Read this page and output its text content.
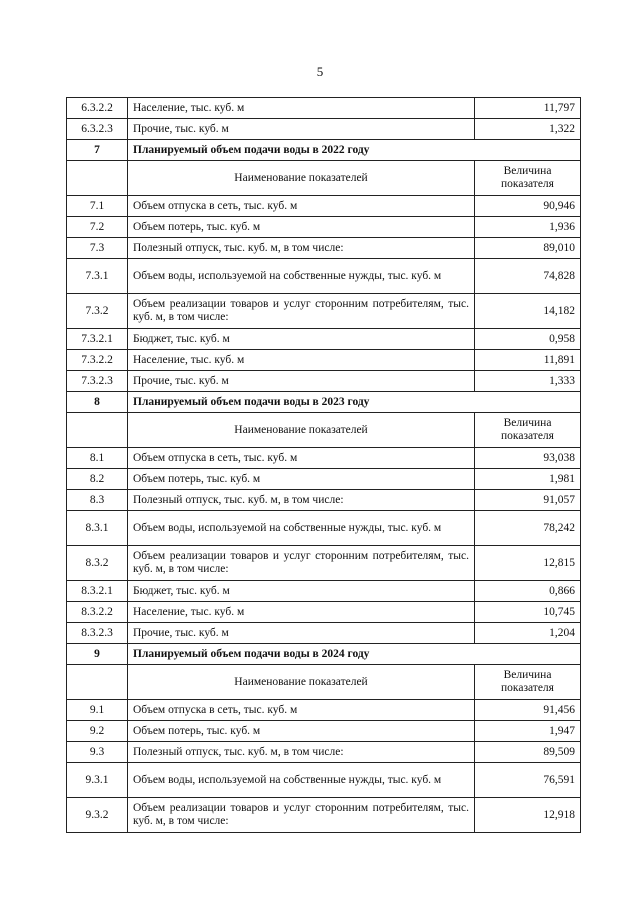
5
6.3.2.2	Население, тыс. куб. м	11,797
6.3.2.3	Прочие, тыс. куб. м	1,322
7	Планируемый объем подачи воды в 2022 году	
	Наименование показателей	Величина показателя
7.1	Объем отпуска в сеть, тыс. куб. м	90,946
7.2	Объем потерь, тыс. куб. м	1,936
7.3	Полезный отпуск, тыс. куб. м, в том числе:	89,010
7.3.1	Объем воды, используемой на собственные нужды, тыс. куб. м	74,828
7.3.2	Объем реализации товаров и услуг сторонним потребителям, тыс. куб. м, в том числе:	14,182
7.3.2.1	Бюджет, тыс. куб. м	0,958
7.3.2.2	Население, тыс. куб. м	11,891
7.3.2.3	Прочие, тыс. куб. м	1,333
8	Планируемый объем подачи воды в 2023 году	
	Наименование показателей	Величина показателя
8.1	Объем отпуска в сеть, тыс. куб. м	93,038
8.2	Объем потерь, тыс. куб. м	1,981
8.3	Полезный отпуск, тыс. куб. м, в том числе:	91,057
8.3.1	Объем воды, используемой на собственные нужды, тыс. куб. м	78,242
8.3.2	Объем реализации товаров и услуг сторонним потребителям, тыс. куб. м, в том числе:	12,815
8.3.2.1	Бюджет, тыс. куб. м	0,866
8.3.2.2	Население, тыс. куб. м	10,745
8.3.2.3	Прочие, тыс. куб. м	1,204
9	Планируемый объем подачи воды в 2024 году	
	Наименование показателей	Величина показателя
9.1	Объем отпуска в сеть, тыс. куб. м	91,456
9.2	Объем потерь, тыс. куб. м	1,947
9.3	Полезный отпуск, тыс. куб. м, в том числе:	89,509
9.3.1	Объем воды, используемой на собственные нужды, тыс. куб. м	76,591
9.3.2	Объем реализации товаров и услуг сторонним потребителям, тыс. куб. м, в том числе:	12,918
